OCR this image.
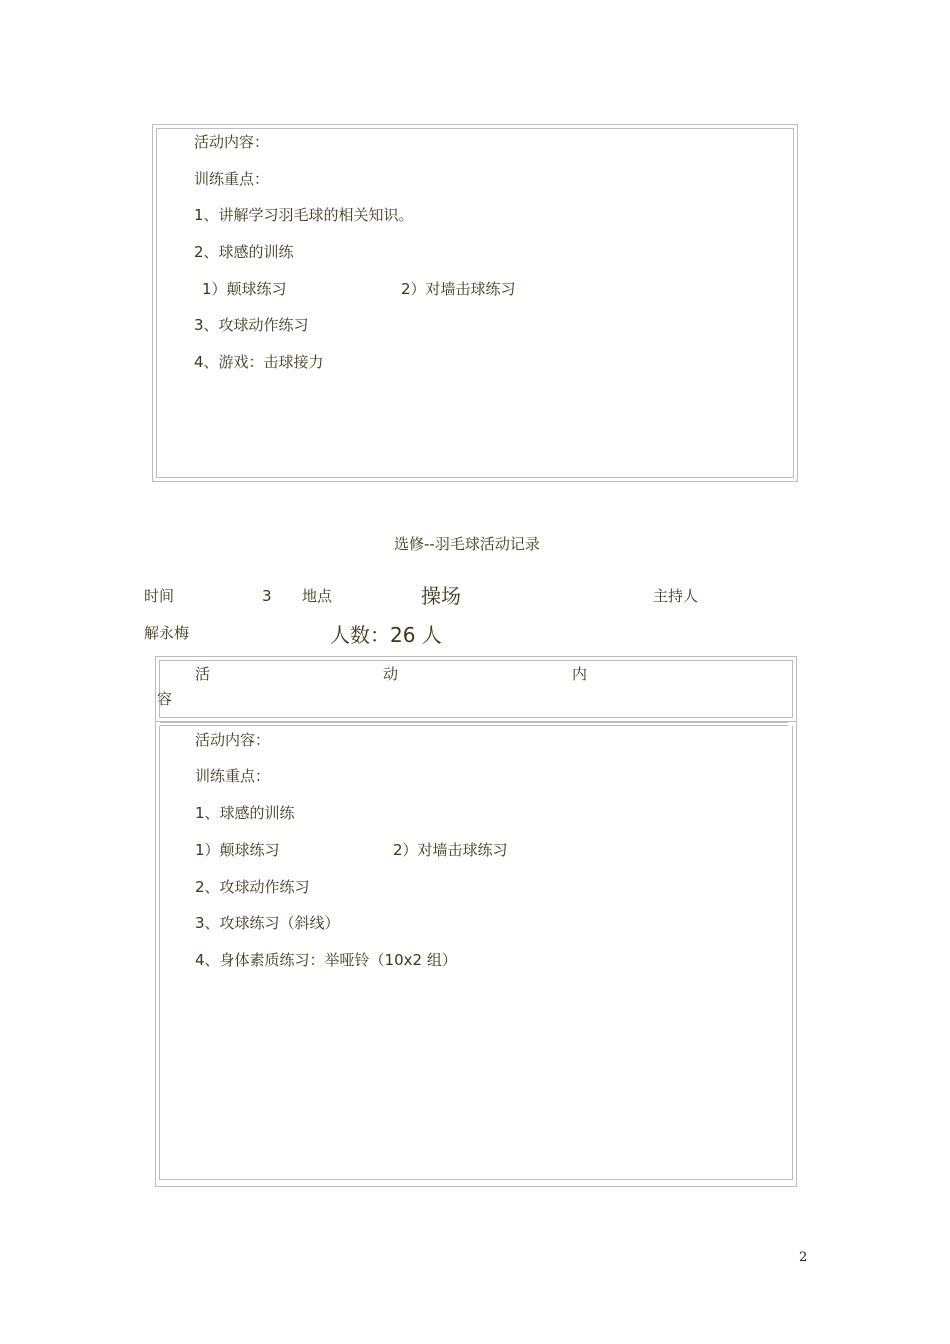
活动内容：
训练重点：
1、讲解学习羽毛球的相关知识。
2、球感的训练
1）颠球练习	2）对墙击球练习
3、攻球动作练习
4、游戏：击球接力
选修--羽毛球活动记录
时间	3 地点	操场	主持人
解永梅	人数：26 人
活	动	内
容
活动内容：
训练重点：
1、球感的训练
1）颠球练习	2）对墙击球练习
2、攻球动作练习
3、攻球练习（斜线）
4、身体素质练习：举哑铃（10x2 组）
2
